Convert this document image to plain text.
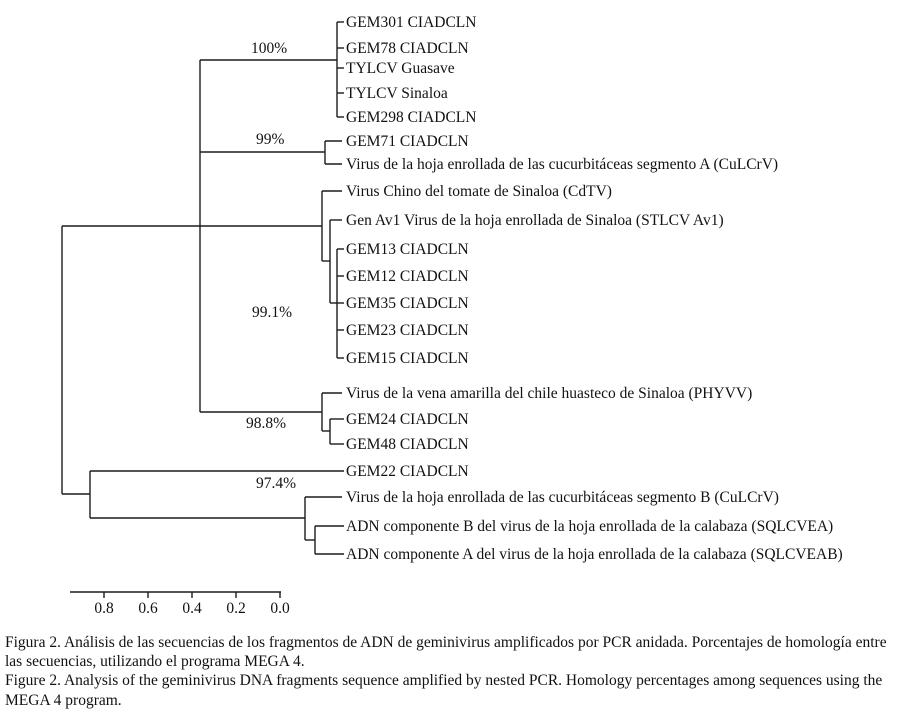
GEM301 CIADCLN
GEM78 CIADCLN
TYLCV Guasave
TYLCV Sinaloa
GEM298 CIADCLN
GEM71 CIADCLN
Virus de la hoja enrollada de las cucurbitáceas segmento A (CuLCrV)
Virus Chino del tomate de Sinaloa (CdTV)
Gen Av1 Virus de la hoja enrollada de Sinaloa (STLCV Av1)
GEM13 CIADCLN
GEM12 CIADCLN
GEM35 CIADCLN
GEM23 CIADCLN
GEM15 CIADCLN
Virus de la vena amarilla del chile huasteco de Sinaloa (PHYVV)
GEM24 CIADCLN
GEM48 CIADCLN
GEM22 CIADCLN
Virus de la hoja enrollada de las cucurbitáceas segmento B (CuLCrV)
ADN componente B del virus de la hoja enrollada de la calabaza (SQLCVEA)
ADN componente A del virus de la hoja enrollada de la calabaza (SQLCVEAB)
100%
99%
99.1%
98.8%
97.4%
0.8 0.6 0.4 0.2 0.0

Figura 2. Análisis de las secuencias de los fragmentos de ADN de geminivirus amplificados por PCR anidada. Porcentajes de homología entre las secuencias, utilizando el programa MEGA 4.

Figure 2. Analysis of the geminivirus DNA fragments sequence amplified by nested PCR. Homology percentages among sequences using the MEGA 4 program.
